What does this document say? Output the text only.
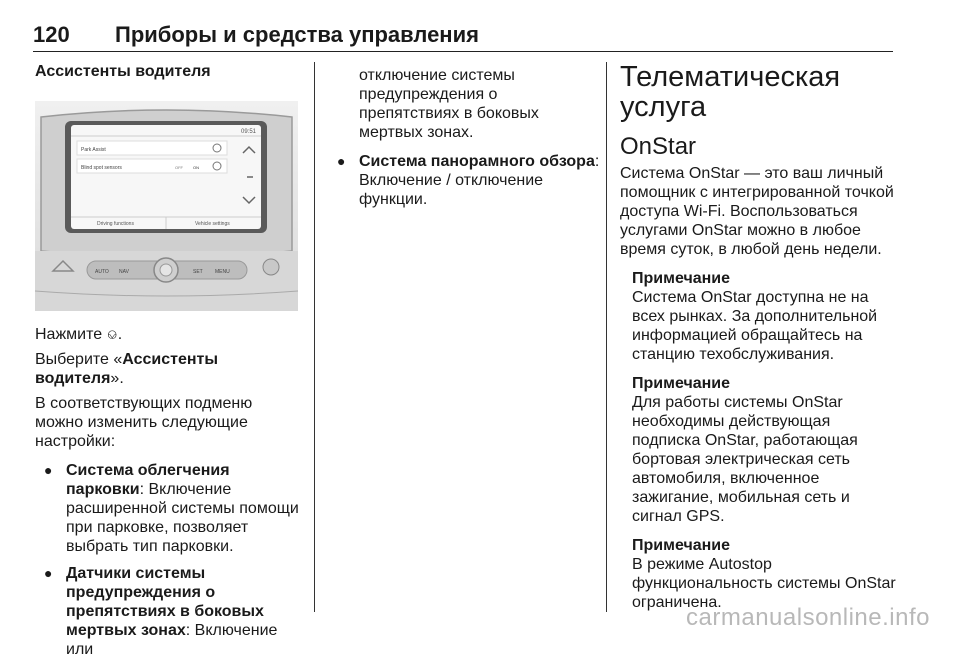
120 Приборы и средства управления
Ассистенты водителя
09:51
Park Assist
Blind spot sensors	OFF	ON
Driving functions	Vehicle settings
AUTO NAV	SET MENU
Нажмите ⎉.
Выберите «Ассистенты водителя».
В соответствующих подменю можно изменить следующие настройки:
● Система облегчения парковки: Включение расширенной системы помощи при парковке, позволяет выбрать тип парковки.
● Датчики системы предупреждения о препятствиях в боковых мертвых зонах: Включение или
отключение системы предупреждения о препятствиях в боковых мертвых зонах.
● Система панорамного обзора: Включение / отключение функции.
Телематическая услуга
OnStar
Система OnStar — это ваш личный помощник с интегрированной точкой доступа Wi-Fi. Воспользоваться услугами OnStar можно в любое время суток, в любой день недели.
Примечание
Система OnStar доступна не на всех рынках. За дополнительной информацией обращайтесь на станцию техобслуживания.
Примечание
Для работы системы OnStar необходимы действующая подписка OnStar, работающая бортовая электрическая сеть автомобиля, включенное зажигание, мобильная сеть и сигнал GPS.
Примечание
В режиме Autostop функциональность системы OnStar ограничена.
carmanualsonline.info
